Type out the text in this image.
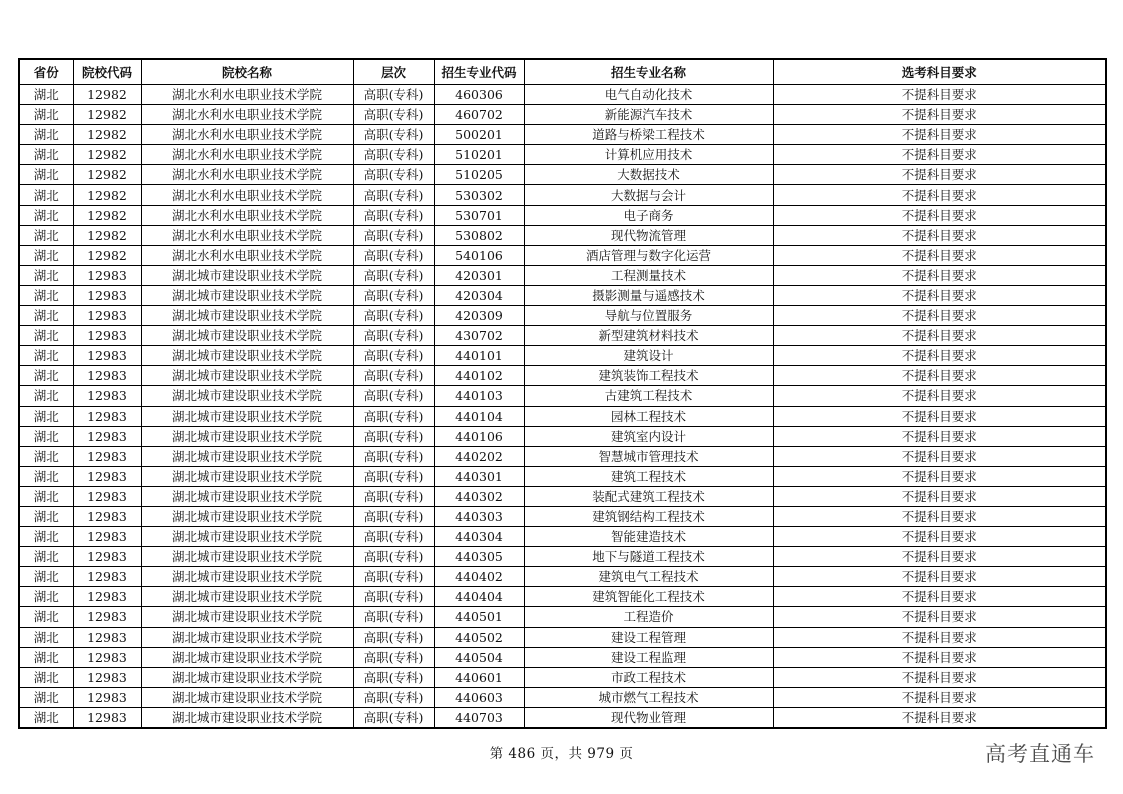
省份	院校代码	院校名称	层次	招生专业代码	招生专业名称	选考科目要求
湖北	12982	湖北水利水电职业技术学院	高职(专科)	460306	电气自动化技术	不提科目要求
湖北	12982	湖北水利水电职业技术学院	高职(专科)	460702	新能源汽车技术	不提科目要求
湖北	12982	湖北水利水电职业技术学院	高职(专科)	500201	道路与桥梁工程技术	不提科目要求
湖北	12982	湖北水利水电职业技术学院	高职(专科)	510201	计算机应用技术	不提科目要求
湖北	12982	湖北水利水电职业技术学院	高职(专科)	510205	大数据技术	不提科目要求
湖北	12982	湖北水利水电职业技术学院	高职(专科)	530302	大数据与会计	不提科目要求
湖北	12982	湖北水利水电职业技术学院	高职(专科)	530701	电子商务	不提科目要求
湖北	12982	湖北水利水电职业技术学院	高职(专科)	530802	现代物流管理	不提科目要求
湖北	12982	湖北水利水电职业技术学院	高职(专科)	540106	酒店管理与数字化运营	不提科目要求
湖北	12983	湖北城市建设职业技术学院	高职(专科)	420301	工程测量技术	不提科目要求
湖北	12983	湖北城市建设职业技术学院	高职(专科)	420304	摄影测量与遥感技术	不提科目要求
湖北	12983	湖北城市建设职业技术学院	高职(专科)	420309	导航与位置服务	不提科目要求
湖北	12983	湖北城市建设职业技术学院	高职(专科)	430702	新型建筑材料技术	不提科目要求
湖北	12983	湖北城市建设职业技术学院	高职(专科)	440101	建筑设计	不提科目要求
湖北	12983	湖北城市建设职业技术学院	高职(专科)	440102	建筑装饰工程技术	不提科目要求
湖北	12983	湖北城市建设职业技术学院	高职(专科)	440103	古建筑工程技术	不提科目要求
湖北	12983	湖北城市建设职业技术学院	高职(专科)	440104	园林工程技术	不提科目要求
湖北	12983	湖北城市建设职业技术学院	高职(专科)	440106	建筑室内设计	不提科目要求
湖北	12983	湖北城市建设职业技术学院	高职(专科)	440202	智慧城市管理技术	不提科目要求
湖北	12983	湖北城市建设职业技术学院	高职(专科)	440301	建筑工程技术	不提科目要求
湖北	12983	湖北城市建设职业技术学院	高职(专科)	440302	装配式建筑工程技术	不提科目要求
湖北	12983	湖北城市建设职业技术学院	高职(专科)	440303	建筑钢结构工程技术	不提科目要求
湖北	12983	湖北城市建设职业技术学院	高职(专科)	440304	智能建造技术	不提科目要求
湖北	12983	湖北城市建设职业技术学院	高职(专科)	440305	地下与隧道工程技术	不提科目要求
湖北	12983	湖北城市建设职业技术学院	高职(专科)	440402	建筑电气工程技术	不提科目要求
湖北	12983	湖北城市建设职业技术学院	高职(专科)	440404	建筑智能化工程技术	不提科目要求
湖北	12983	湖北城市建设职业技术学院	高职(专科)	440501	工程造价	不提科目要求
湖北	12983	湖北城市建设职业技术学院	高职(专科)	440502	建设工程管理	不提科目要求
湖北	12983	湖北城市建设职业技术学院	高职(专科)	440504	建设工程监理	不提科目要求
湖北	12983	湖北城市建设职业技术学院	高职(专科)	440601	市政工程技术	不提科目要求
湖北	12983	湖北城市建设职业技术学院	高职(专科)	440603	城市燃气工程技术	不提科目要求
湖北	12983	湖北城市建设职业技术学院	高职(专科)	440703	现代物业管理	不提科目要求
第 486 页，共 979 页	高考直通车
